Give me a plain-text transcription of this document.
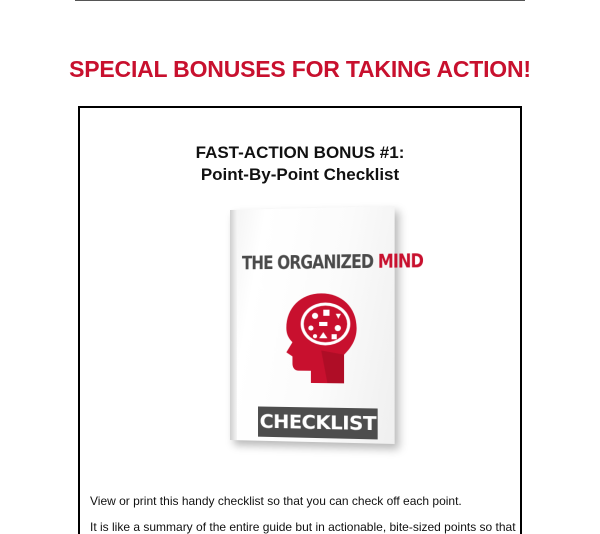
SPECIAL BONUSES FOR TAKING ACTION!
FAST-ACTION BONUS #1:
Point-By-Point Checklist
THE ORGANIZED MIND
CHECKLIST

View or print this handy checklist so that you can check off each point.

It is like a summary of the entire guide but in actionable, bite-sized points so that
